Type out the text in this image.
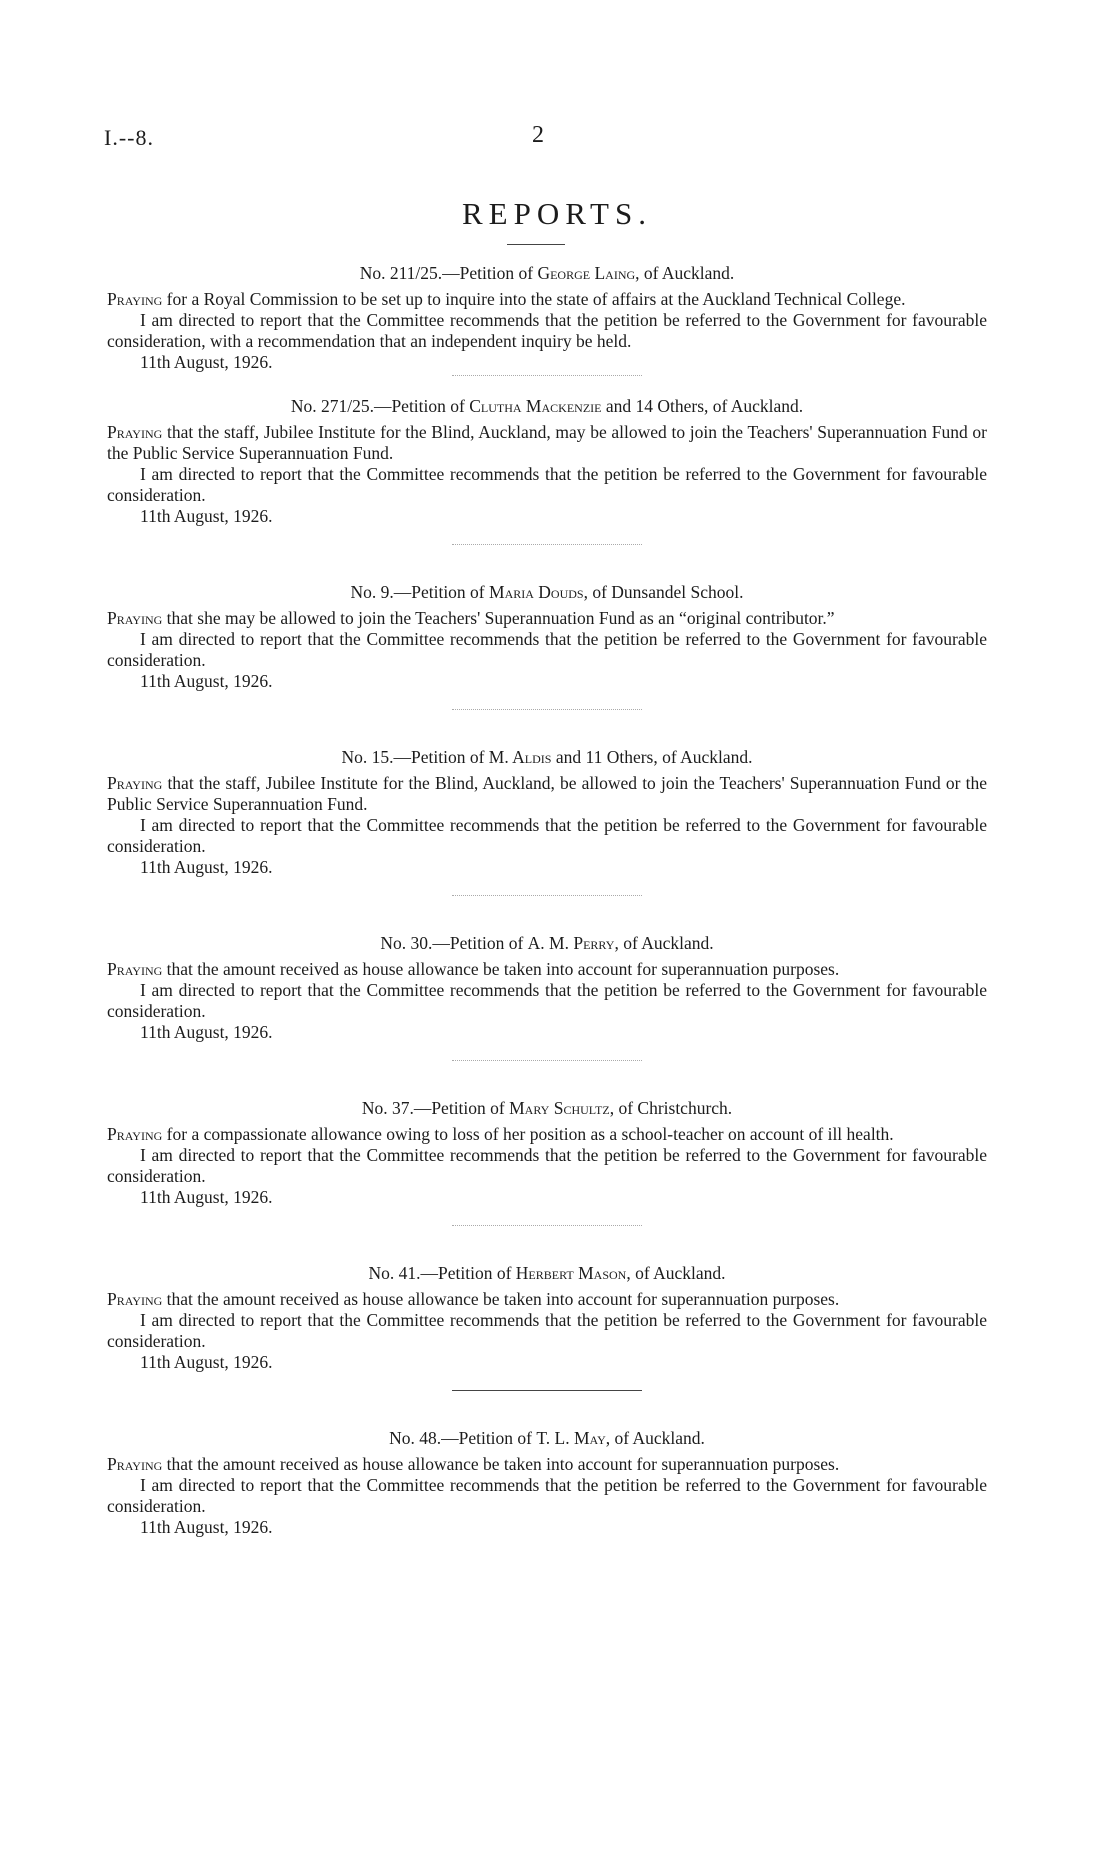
I.--8.	2
REPORTS.

No. 211/25.—Petition of George Laing, of Auckland.

Praying for a Royal Commission to be set up to inquire into the state of affairs at the Auckland Technical College.

I am directed to report that the Committee recommends that the petition be referred to the Government for favourable consideration, with a recommendation that an independent inquiry be held.

11th August, 1926.

No. 271/25.—Petition of Clutha Mackenzie and 14 Others, of Auckland.

Praying that the staff, Jubilee Institute for the Blind, Auckland, may be allowed to join the Teachers' Superannuation Fund or the Public Service Superannuation Fund.

I am directed to report that the Committee recommends that the petition be referred to the Government for favourable consideration.

11th August, 1926.

No. 9.—Petition of Maria Douds, of Dunsandel School.

Praying that she may be allowed to join the Teachers' Superannuation Fund as an “original contributor.”

I am directed to report that the Committee recommends that the petition be referred to the Government for favourable consideration.

11th August, 1926.

No. 15.—Petition of M. Aldis and 11 Others, of Auckland.

Praying that the staff, Jubilee Institute for the Blind, Auckland, be allowed to join the Teachers' Superannuation Fund or the Public Service Superannuation Fund.

I am directed to report that the Committee recommends that the petition be referred to the Government for favourable consideration.

11th August, 1926.

No. 30.—Petition of A. M. Perry, of Auckland.

Praying that the amount received as house allowance be taken into account for superannuation purposes.

I am directed to report that the Committee recommends that the petition be referred to the Government for favourable consideration.

11th August, 1926.

No. 37.—Petition of Mary Schultz, of Christchurch.

Praying for a compassionate allowance owing to loss of her position as a school-teacher on account of ill health.

I am directed to report that the Committee recommends that the petition be referred to the Government for favourable consideration.

11th August, 1926.

No. 41.—Petition of Herbert Mason, of Auckland.

Praying that the amount received as house allowance be taken into account for superannuation purposes.

I am directed to report that the Committee recommends that the petition be referred to the Government for favourable consideration.

11th August, 1926.

No. 48.—Petition of T. L. May, of Auckland.

Praying that the amount received as house allowance be taken into account for superannuation purposes.

I am directed to report that the Committee recommends that the petition be referred to the Government for favourable consideration.

11th August, 1926.
